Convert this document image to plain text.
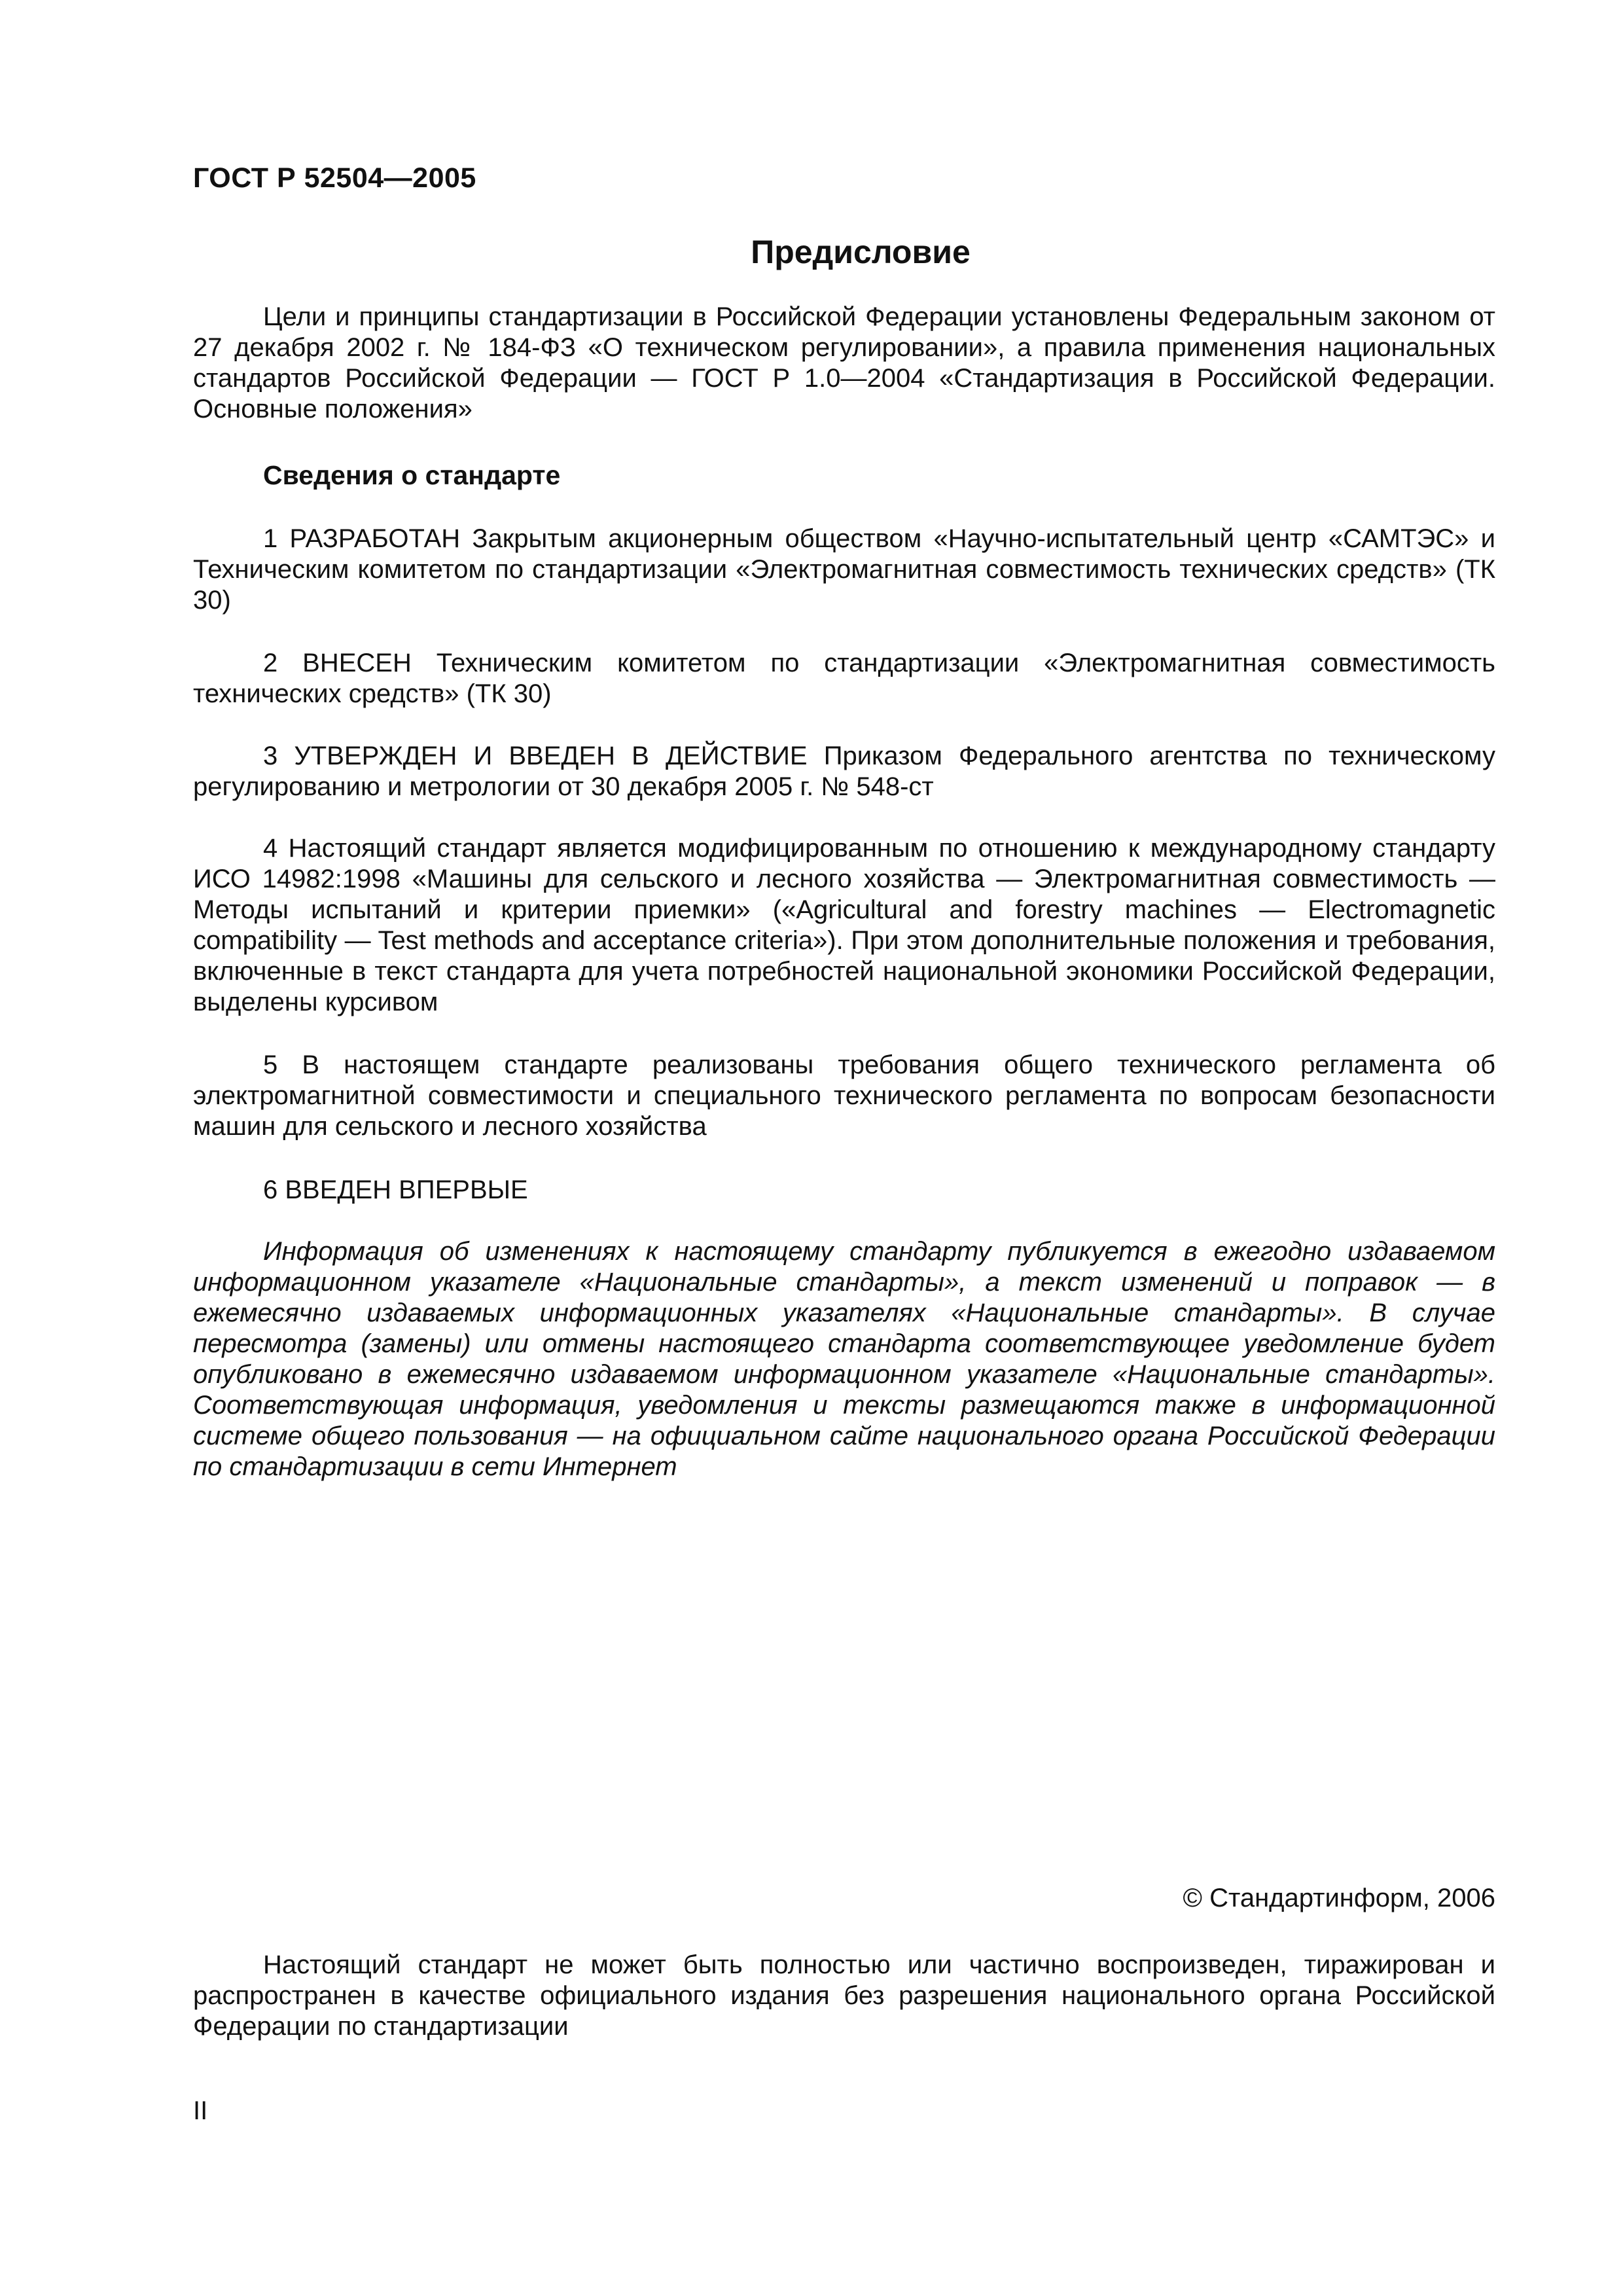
ГОСТ Р 52504—2005
Предисловие

Цели и принципы стандартизации в Российской Федерации установлены Федеральным законом от 27 декабря 2002 г. № 184-ФЗ «О техническом регулировании», а правила применения национальных стандартов Российской Федерации — ГОСТ Р 1.0—2004 «Стандартизация в Российской Федерации. Основные положения»

Сведения о стандарте

1 РАЗРАБОТАН Закрытым акционерным обществом «Научно-испытательный центр «САМТЭС» и Техническим комитетом по стандартизации «Электромагнитная совместимость технических средств» (ТК 30)

2 ВНЕСЕН Техническим комитетом по стандартизации «Электромагнитная совместимость технических средств» (ТК 30)

3 УТВЕРЖДЕН И ВВЕДЕН В ДЕЙСТВИЕ Приказом Федерального агентства по техническому регулированию и метрологии от 30 декабря 2005 г. № 548-ст

4 Настоящий стандарт является модифицированным по отношению к международному стандарту ИСО 14982:1998 «Машины для сельского и лесного хозяйства — Электромагнитная совместимость — Методы испытаний и критерии приемки» («Agricultural and forestry machines — Electromagnetic compatibility — Test methods and acceptance criteria»). При этом дополнительные положения и требования, включенные в текст стандарта для учета потребностей национальной экономики Российской Федерации, выделены курсивом

5 В настоящем стандарте реализованы требования общего технического регламента об электромагнитной совместимости и специального технического регламента по вопросам безопасности машин для сельского и лесного хозяйства

6 ВВЕДЕН ВПЕРВЫЕ

Информация об изменениях к настоящему стандарту публикуется в ежегодно издаваемом информационном указателе «Национальные стандарты», а текст изменений и поправок — в ежемесячно издаваемых информационных указателях «Национальные стандарты». В случае пересмотра (замены) или отмены настоящего стандарта соответствующее уведомление будет опубликовано в ежемесячно издаваемом информационном указателе «Национальные стандарты». Соответствующая информация, уведомления и тексты размещаются также в информационной системе общего пользования — на официальном сайте национального органа Российской Федерации по стандартизации в сети Интернет

© Стандартинформ, 2006

Настоящий стандарт не может быть полностью или частично воспроизведен, тиражирован и распространен в качестве официального издания без разрешения национального органа Российской Федерации по стандартизации

II
